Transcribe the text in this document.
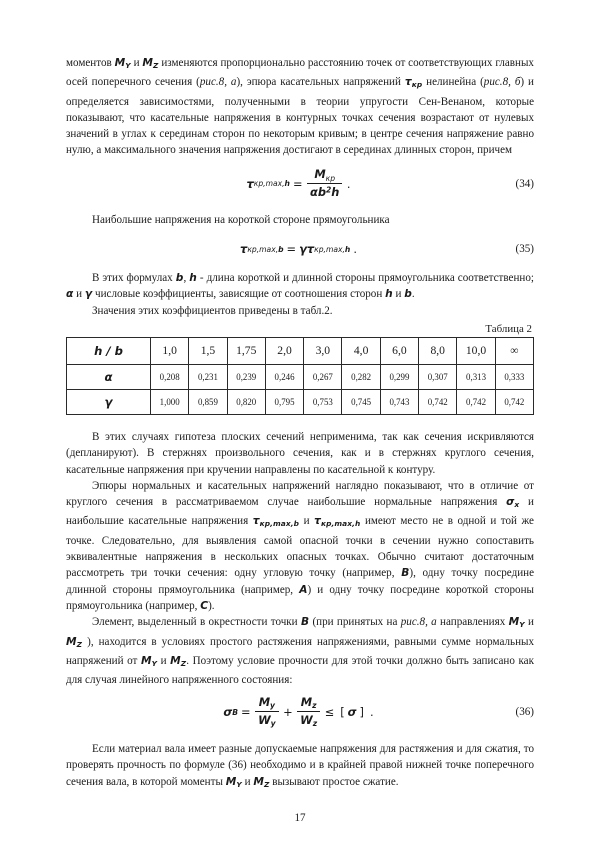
моментов $M_Y$ и $M_Z$ изменяются пропорционально расстоянию точек от соответствующих главных осей поперечного сечения (рис.8, а), эпюра касательных напряжений $\tau_{кр}$ нелинейна (рис.8, б) и определяется зависимостями, полученными в теории упругости Сен-Венаном, которые показывают, что касательные напряжения в контурных точках сечения возрастают от нулевых значений в углах к серединам сторон по некоторым кривым; в центре сечения напряжение равно нулю, а максимального значения напряжения достигают в серединах длинных сторон, причем

τ кр,max, $h = \frac{\text{Mкр}}{\alpha b^2h}$ .	(34)

Наибольшие напряжения на короткой стороне прямоугольника

τ кр,max, b = γ τ кр,max, h .	(35)

В этих формулах b, h - длина короткой и длинной стороны прямоугольника соответственно; α и γ числовые коэффициенты, зависящие от соотношения сторон h и b.

Значения этих коэффициентов приведены в табл.2.

Таблица 2

h / b	1,0	1,5	1,75	2,0	3,0	4,0	6,0	8,0	10,0	∞
α	0,208	0,231	0,239	0,246	0,267	0,282	0,299	0,307	0,313	0,333
γ	1,000	0,859	0,820	0,795	0,753	0,745	0,743	0,742	0,742	0,742

В этих случаях гипотеза плоских сечений неприменима, так как сечения искривляются (депланируют). В стержнях произвольного сечения, как и в стержнях круглого сечения, касательные напряжения при кручении направлены по касательной к контуру.

Эпюры нормальных и касательных напряжений наглядно показывают, что в отличие от круглого сечения в рассматриваемом случае наибольшие нормальные напряжения $\sigma_x$ и наибольшие касательные напряжения $\tau_{кр,max,b}$ и $\tau_{кр,max,h}$ имеют место не в одной и той же точке. Следовательно, для выявления самой опасной точки в сечении нужно сопоставить эквивалентные напряжения в нескольких опасных точках. Обычно считают достаточным рассмотреть три точки сечения: одну угловую точку (например, B), одну точку посредине длинной стороны прямоугольника (например, A) и одну точку посредине короткой стороны прямоугольника (например, C).

Элемент, выделенный в окрестности точки B (при принятых на рис.8, а направлениях $M_Y$ и $M_Z$ ), находится в условиях простого растяжения напряжениями, равными сумме нормальных напряжений от $M_Y$ и $M_Z$. Поэтому условие прочности для этой точки должно быть записано как для случая линейного напряженного состояния:

σ $B = \frac{My}{Wy} + \frac{Mz}{Wz}$ ≤ [ σ ] .	(36)

Если материал вала имеет разные допускаемые напряжения для растяжения и для сжатия, то проверять прочность по формуле (36) необходимо и в крайней правой нижней точке поперечного сечения вала, в которой моменты $M_Y$ и $M_Z$ вызывают простое сжатие.

17
